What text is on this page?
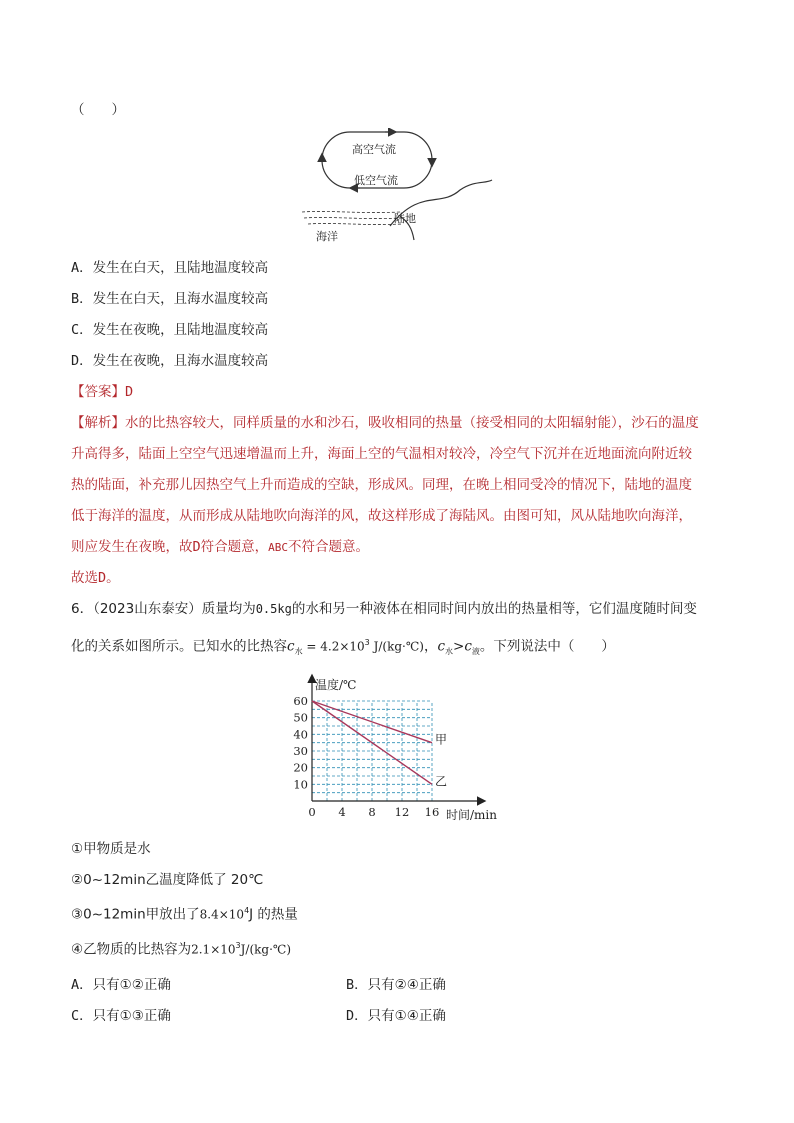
（　　）
高空气流
低空气流
陆地
海洋
A．发生在白天，且陆地温度较高
B．发生在白天，且海水温度较高
C．发生在夜晚，且陆地温度较高
D．发生在夜晚，且海水温度较高
【答案】D
【解析】水的比热容较大，同样质量的水和沙石，吸收相同的热量（接受相同的太阳辐射能），沙石的温度
升高得多，陆面上空空气迅速增温而上升，海面上空的气温相对较冷，冷空气下沉并在近地面流向附近较
热的陆面，补充那儿因热空气上升而造成的空缺，形成风。同理，在晚上相同受冷的情况下，陆地的温度
低于海洋的温度，从而形成从陆地吹向海洋的风，故这样形成了海陆风。由图可知，风从陆地吹向海洋，
则应发生在夜晚，故D符合题意，ABC不符合题意。
故选D。
6．（2023山东泰安）质量均为0.5kg的水和另一种液体在相同时间内放出的热量相等，它们温度随时间变
化的关系如图所示。已知水的比热容$c_水 = 4.2\times 10^3$ J/(kg·℃)，$c_水>c_液$。下列说法中（　　）
甲
乙
0 4 8 12 16
10
20
30
40
50
60
温度/℃
时间/min
①甲物质是水
②0~12min乙温度降低了 20℃
③0~12min甲放出了$8.4\times 10^4J$ 的热量
④乙物质的比热容为$2.1\times 10^3J/(kg\cdot℃)$
A．只有①②正确	B．只有②④正确
C．只有①③正确	D．只有①④正确
